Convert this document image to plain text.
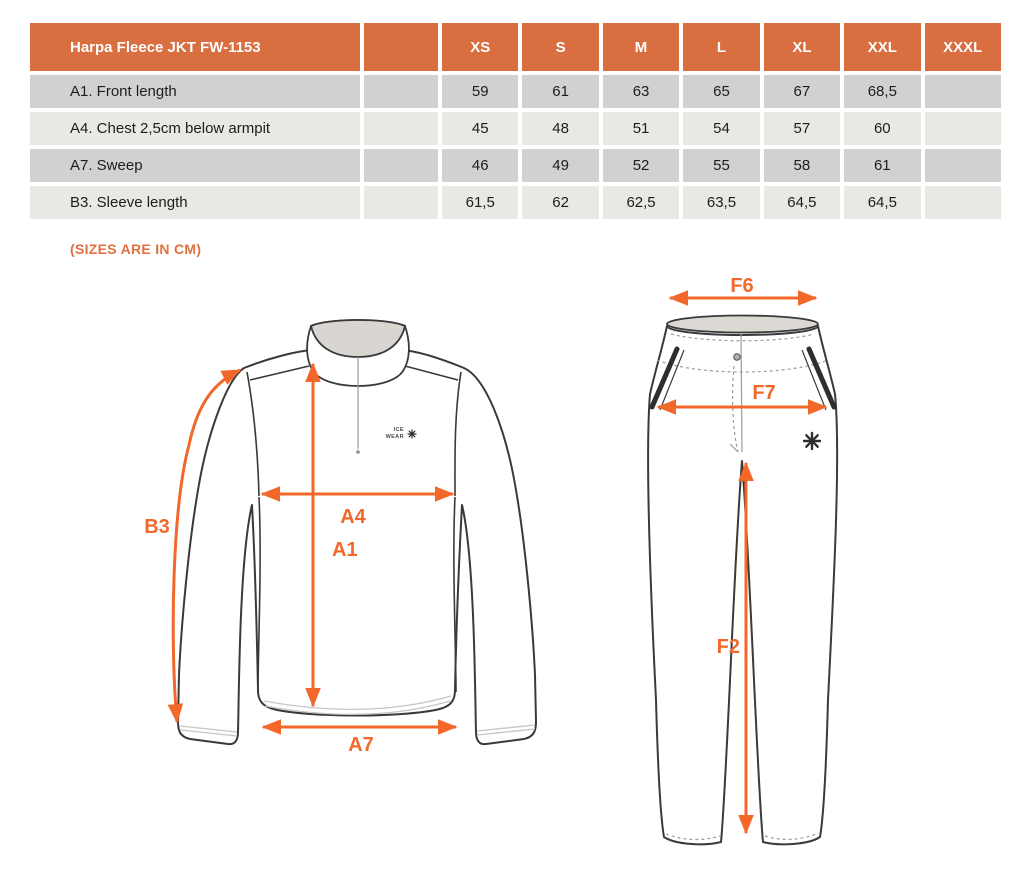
Harpa Fleece JKT FW-1153		XS	S	M	L	XL	XXL	XXXL
A1. Front length		59	61	63	65	67	68,5	
A4. Chest 2,5cm below armpit		45	48	51	54	57	60	
A7. Sweep		46	49	52	55	58	61	
B3. Sleeve length		61,5	62	62,5	63,5	64,5	64,5	
(SIZES ARE IN CM)
ICE
WEAR
B3
A1
A4
A7
F6
F7
F2
